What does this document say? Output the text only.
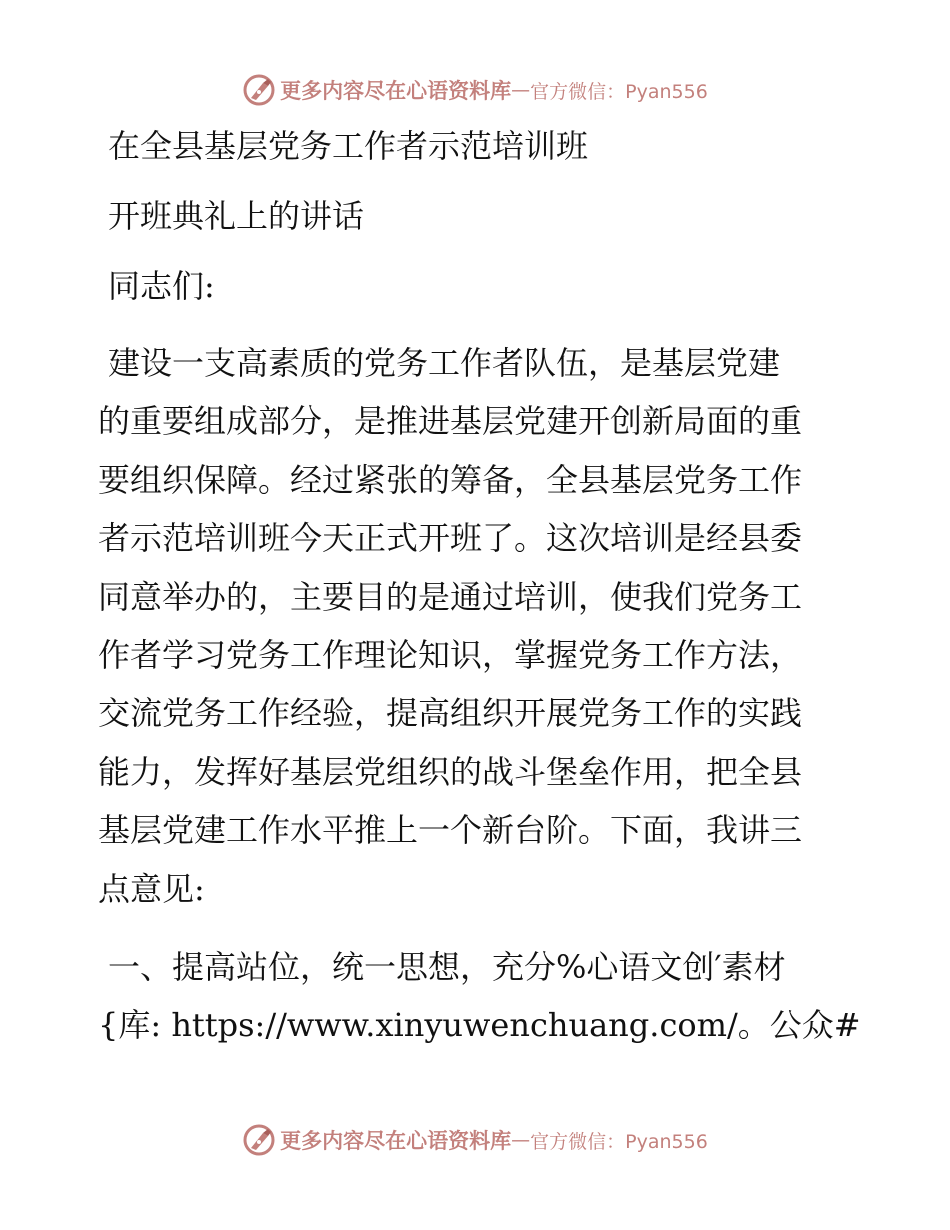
更多内容尽在心语资料库 — 官方微信：Pyan556

在全县基层党务工作者示范培训班

开班典礼上的讲话

同志们:

建设一支高素质的党务工作者队伍，是基层党建

的重要组成部分，是推进基层党建开创新局面的重

要组织保障。经过紧张的筹备，全县基层党务工作

者示范培训班今天正式开班了。这次培训是经县委

同意举办的，主要目的是通过培训，使我们党务工

作者学习党务工作理论知识，掌握党务工作方法，

交流党务工作经验，提高组织开展党务工作的实践

能力，发挥好基层党组织的战斗堡垒作用，把全县

基层党建工作水平推上一个新台阶。下面，我讲三

点意见:

一、提高站位，统一思想，充分%心语文创′素材

{库: https://www.xinyuwenchuang.com/。公众#

更多内容尽在心语资料库 — 官方微信：Pyan556
